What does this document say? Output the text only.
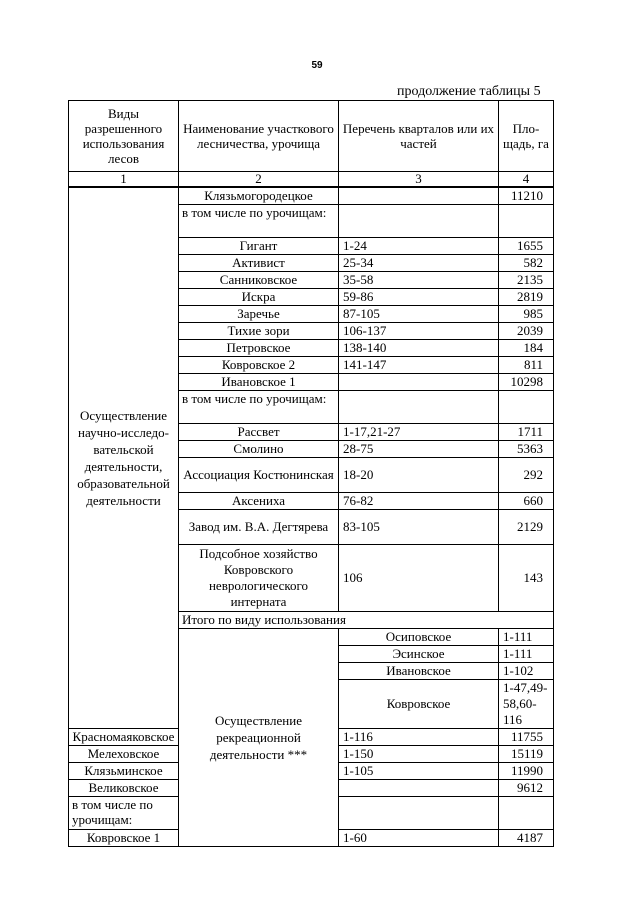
59
продолжение таблицы 5
Виды разрешенного использования лесов	Наименование участкового лесничества, урочища	Перечень кварталов или их частей	Пло-щадь, га	
1	2	3	4	
Осуществление научно-исследо-вательской деятельности, образовательной деятельности	Клязьмогородецкое		11210	
	в том числе по урочищам:			
	Гигант	1-24	1655	
	Активист	25-34	582	
	Санниковское	35-58	2135	
	Искра	59-86	2819	
	Заречье	87-105	985	
	Тихие зори	106-137	2039	
	Петровское	138-140	184	
	Ковровское 2	141-147	811	
	Ивановское 1		10298	
	в том числе по урочищам:			
	Рассвет	1-17,21-27	1711	
	Смолино	28-75	5363	
	Ассоциация Костюнинская	18-20	292	
	Аксениха	76-82	660	
	Завод им. В.А. Дегтярева	83-105	2129	
	Подсобное хозяйство Ковровского неврологического интерната	106	143	
	Итого по виду использования	
	Осуществление рекреационной деятельности ***	Осиповское	1-111	
		Эсинское	1-111	
		Ивановское	1-102	
		Ковровское	1-47,49-58,60-116	
Красномаяковское		1-116	11755	
Мелеховское		1-150	15119	
Клязьминское		1-105	11990	
Великовское			9612	
в том числе по урочищам:				
Ковровское 1		1-60	4187	
